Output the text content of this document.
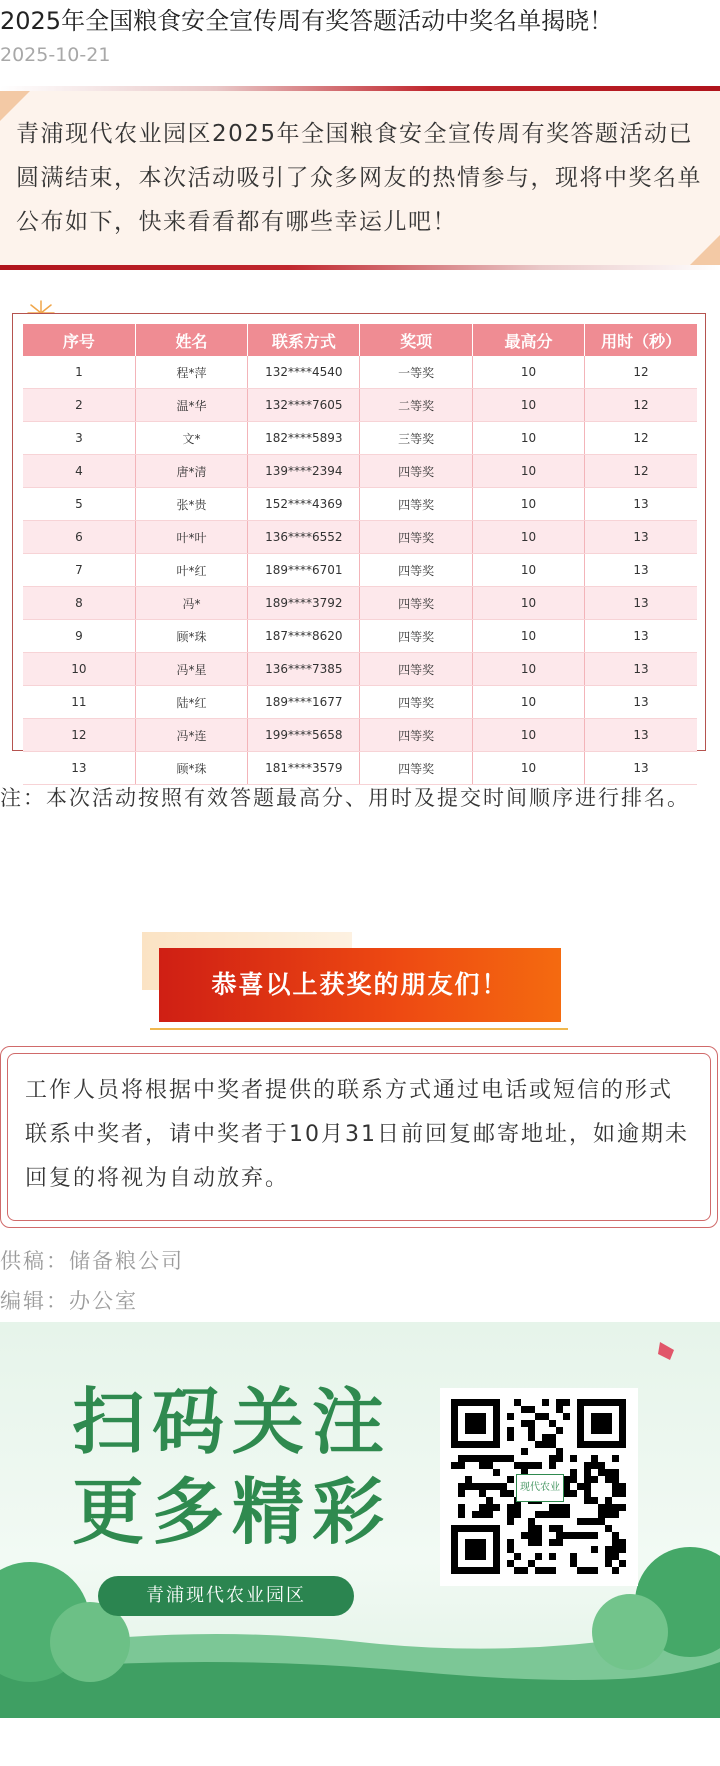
2025年全国粮食安全宣传周有奖答题活动中奖名单揭晓！
2025-10-21

青浦现代农业园区2025年全国粮食安全宣传周有奖答题活动已圆满结束，本次活动吸引了众多网友的热情参与，现将中奖名单公布如下，快来看看都有哪些幸运儿吧！

序号	姓名	联系方式	奖项	最高分	用时（秒）
1	程*萍	132****4540	一等奖	10	12
2	温*华	132****7605	二等奖	10	12
3	文*	182****5893	三等奖	10	12
4	唐*清	139****2394	四等奖	10	12
5	张*贵	152****4369	四等奖	10	13
6	叶*叶	136****6552	四等奖	10	13
7	叶*红	189****6701	四等奖	10	13
8	冯*	189****3792	四等奖	10	13
9	顾*珠	187****8620	四等奖	10	13
10	冯*星	136****7385	四等奖	10	13
11	陆*红	189****1677	四等奖	10	13
12	冯*连	199****5658	四等奖	10	13
13	顾*珠	181****3579	四等奖	10	13

注：本次活动按照有效答题最高分、用时及提交时间顺序进行排名。

恭喜以上获奖的朋友们！

工作人员将根据中奖者提供的联系方式通过电话或短信的形式联系中奖者，请中奖者于10月31日前回复邮寄地址，如逾期未回复的将视为自动放弃。

供稿：储备粮公司
编辑：办公室
扫码关注
更多精彩
青浦现代农业园区
现代农业
